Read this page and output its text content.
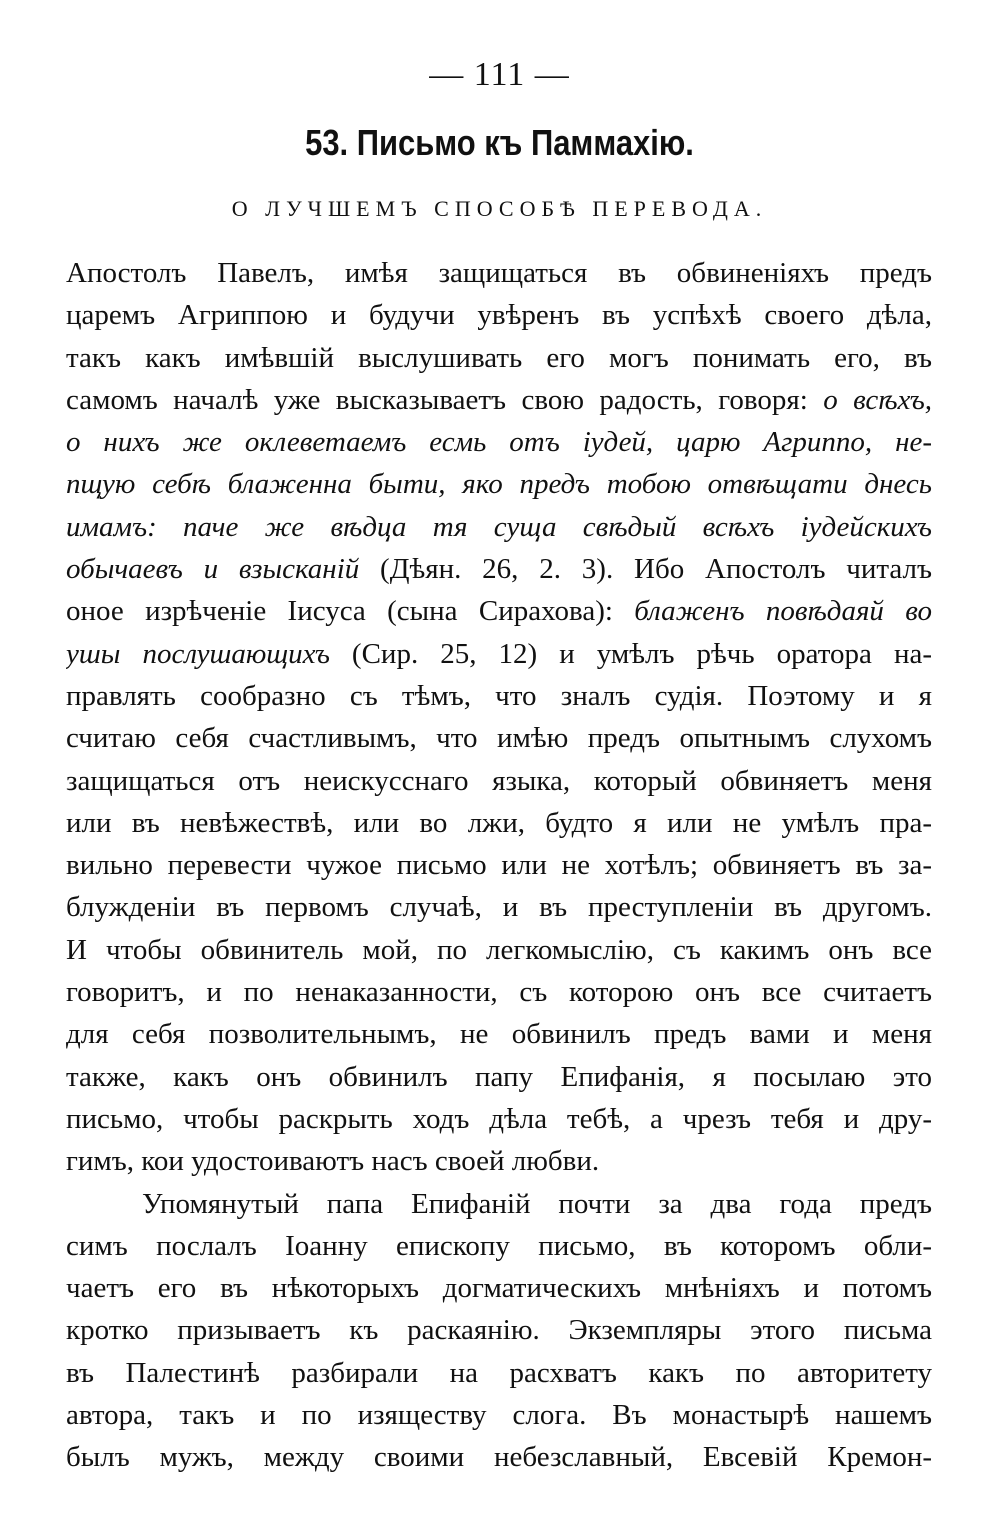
— 111 —
53. Письмо къ Паммахію.
О ЛУЧШЕМЪ СПОСОБѢ ПЕРЕВОДА.
Апостолъ Павелъ, имѣя защищаться въ обвиненіяхъ предъ
царемъ Агриппою и будучи увѣренъ въ успѣхѣ своего дѣла,
такъ какъ имѣвшій выслушивать его могъ понимать его, въ
самомъ началѣ уже высказываетъ свою радость, говоря: о всѣхъ,
о нихъ же оклеветаемъ есмь отъ іудей, царю Агриппо, не-
пщую себѣ блаженна быти, яко предъ тобою отвѣщати днесь
имамъ: паче же вѣдца тя суща свѣдый всѣхъ іудейскихъ
обычаевъ и взысканій (Дѣян. 26, 2. 3). Ибо Апостолъ читалъ
оное изрѣченіе Іисуса (сына Сирахова): блаженъ повѣдаяй во
ушы послушающихъ (Сир. 25, 12) и умѣлъ рѣчь оратора на-
правлять сообразно съ тѣмъ, что зналъ судія. Поэтому и я
считаю себя счастливымъ, что имѣю предъ опытнымъ слухомъ
защищаться отъ неискусснаго языка, который обвиняетъ меня
или въ невѣжествѣ, или во лжи, будто я или не умѣлъ пра-
вильно перевести чужое письмо или не хотѣлъ; обвиняетъ въ за-
блужденіи въ первомъ случаѣ, и въ преступленіи въ другомъ.
И чтобы обвинитель мой, по легкомыслію, съ какимъ онъ все
говоритъ, и по ненаказанности, съ которою онъ все считаетъ
для себя позволительнымъ, не обвинилъ предъ вами и меня
также, какъ онъ обвинилъ папу Епифанія, я посылаю это
письмо, чтобы раскрыть ходъ дѣла тебѣ, а чрезъ тебя и дру-
гимъ, кои удостоиваютъ насъ своей любви.
Упомянутый папа Епифаній почти за два года предъ
симъ послалъ Іоанну епископу письмо, въ которомъ обли-
чаетъ его въ нѣкоторыхъ догматическихъ мнѣніяхъ и потомъ
кротко призываетъ къ раскаянію. Экземпляры этого письма
въ Палестинѣ разбирали на расхватъ какъ по авторитету
автора, такъ и по изяществу слога. Въ монастырѣ нашемъ
былъ мужъ, между своими небезславный, Евсевій Кремон-
